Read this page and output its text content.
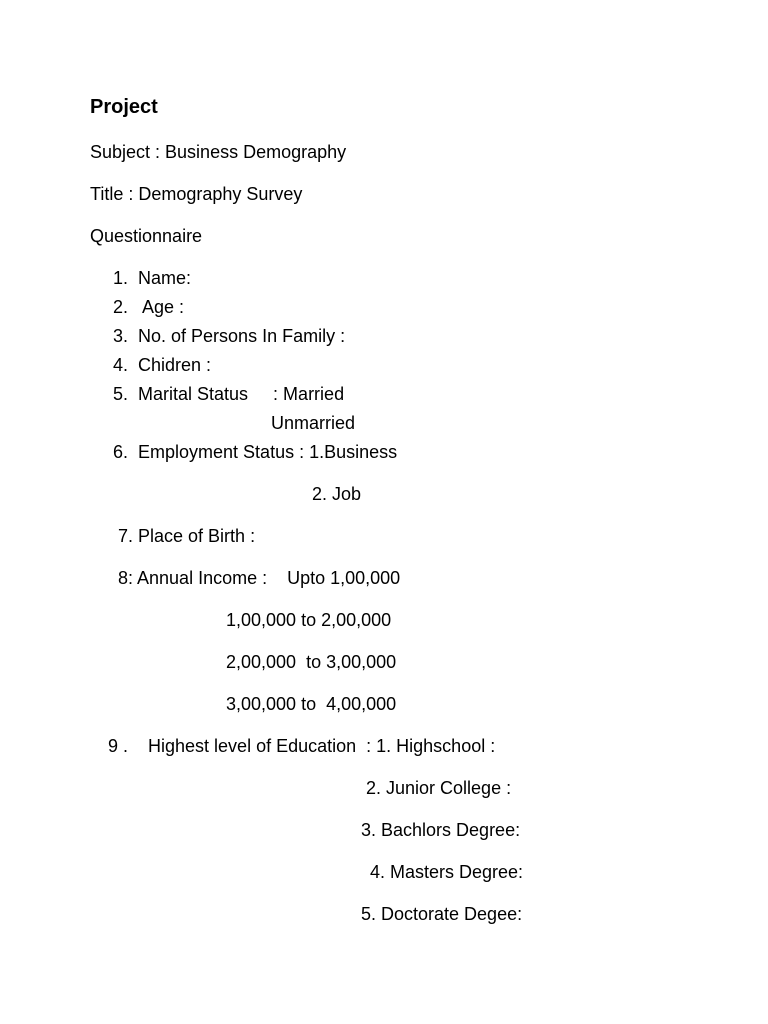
Project
Subject : Business Demography
Title : Demography Survey
Questionnaire
1.  Name:
2.   Age :
3.  No. of Persons In Family :
4.  Chidren :
5.  Marital Status     : Married
Unmarried
6.  Employment Status : 1.Business
2. Job
7. Place of Birth :
8: Annual Income :    Upto 1,00,000
1,00,000 to 2,00,000
2,00,000  to 3,00,000
3,00,000 to  4,00,000
9 .    Highest level of Education  : 1. Highschool :
2. Junior College :
3. Bachlors Degree:
4. Masters Degree:
5. Doctorate Degee:
